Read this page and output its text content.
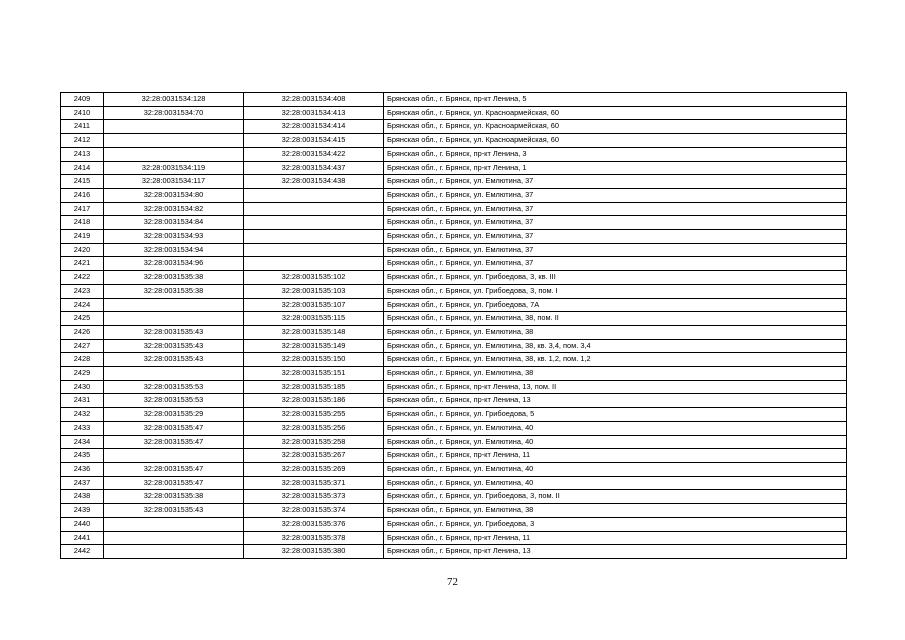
2409	32:28:0031534:128	32:28:0031534:408	Брянская обл., г. Брянск, пр-кт Ленина, 5
2410	32:28:0031534:70	32:28:0031534:413	Брянская обл., г. Брянск, ул. Красноармейская, 60
2411		32:28:0031534:414	Брянская обл., г. Брянск, ул. Красноармейская, 60
2412		32:28:0031534:415	Брянская обл., г. Брянск, ул. Красноармейская, 60
2413		32:28:0031534:422	Брянская обл., г. Брянск, пр-кт Ленина, 3
2414	32:28:0031534:119	32:28:0031534:437	Брянская обл., г. Брянск, пр-кт Ленина, 1
2415	32:28:0031534:117	32:28:0031534:438	Брянская обл., г. Брянск, ул. Емлютина, 37
2416	32:28:0031534:80		Брянская обл., г. Брянск, ул. Емлютина, 37
2417	32:28:0031534:82		Брянская обл., г. Брянск, ул. Емлютина, 37
2418	32:28:0031534:84		Брянская обл., г. Брянск, ул. Емлютина, 37
2419	32:28:0031534:93		Брянская обл., г. Брянск, ул. Емлютина, 37
2420	32:28:0031534:94		Брянская обл., г. Брянск, ул. Емлютина, 37
2421	32:28:0031534:96		Брянская обл., г. Брянск, ул. Емлютина, 37
2422	32:28:0031535:38	32:28:0031535:102	Брянская обл., г. Брянск, ул. Грибоедова, 3, кв. III
2423	32:28:0031535:38	32:28:0031535:103	Брянская обл., г. Брянск, ул. Грибоедова, 3, пом. I
2424		32:28:0031535:107	Брянская обл., г. Брянск, ул. Грибоедова, 7А
2425		32:28:0031535:115	Брянская обл., г. Брянск, ул. Емлютина, 38, пом. II
2426	32:28:0031535:43	32:28:0031535:148	Брянская обл., г. Брянск, ул. Емлютина, 38
2427	32:28:0031535:43	32:28:0031535:149	Брянская обл., г. Брянск, ул. Емлютина, 38, кв. 3,4, пом. 3,4
2428	32:28:0031535:43	32:28:0031535:150	Брянская обл., г. Брянск, ул. Емлютина, 38, кв. 1,2, пом. 1,2
2429		32:28:0031535:151	Брянская обл., г. Брянск, ул. Емлютина, 38
2430	32:28:0031535:53	32:28:0031535:185	Брянская обл., г. Брянск, пр-кт Ленина, 13, пом. II
2431	32:28:0031535:53	32:28:0031535:186	Брянская обл., г. Брянск, пр-кт Ленина, 13
2432	32:28:0031535:29	32:28:0031535:255	Брянская обл., г. Брянск, ул. Грибоедова, 5
2433	32:28:0031535:47	32:28:0031535:256	Брянская обл., г. Брянск, ул. Емлютина, 40
2434	32:28:0031535:47	32:28:0031535:258	Брянская обл., г. Брянск, ул. Емлютина, 40
2435		32:28:0031535:267	Брянская обл., г. Брянск, пр-кт Ленина, 11
2436	32:28:0031535:47	32:28:0031535:269	Брянская обл., г. Брянск, ул. Емлютина, 40
2437	32:28:0031535:47	32:28:0031535:371	Брянская обл., г. Брянск, ул. Емлютина, 40
2438	32:28:0031535:38	32:28:0031535:373	Брянская обл., г. Брянск, ул. Грибоедова, 3, пом. II
2439	32:28:0031535:43	32:28:0031535:374	Брянская обл., г. Брянск, ул. Емлютина, 38
2440		32:28:0031535:376	Брянская обл., г. Брянск, ул. Грибоедова, 3
2441		32:28:0031535:378	Брянская обл., г. Брянск, пр-кт Ленина, 11
2442		32:28:0031535:380	Брянская обл., г. Брянск, пр-кт Ленина, 13
72
